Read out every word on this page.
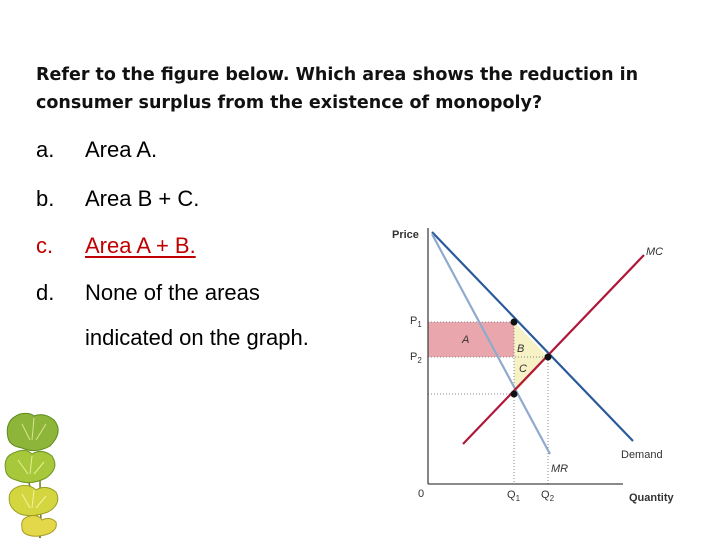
Refer to the figure below. Which area shows the reduction in consumer surplus from the existence of monopoly?
a. Area A.
b. Area B + C.
c. Area A + B.
d. None of the areas
indicated on the graph.
Price
Quantity
0
$P_1$
$P_2$
$Q_1$ $Q_2$
MC
Demand
MR
A
B
C
